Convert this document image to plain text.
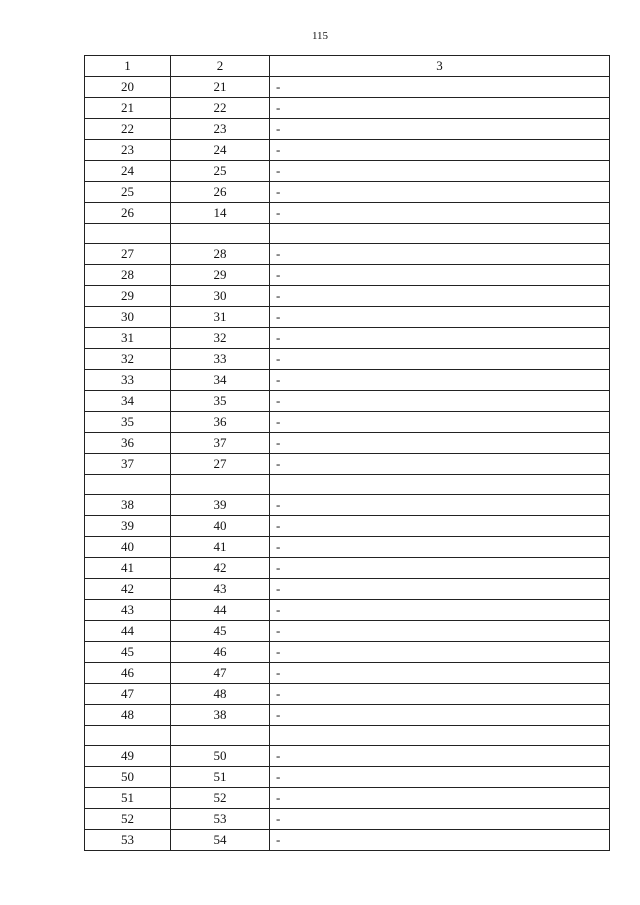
115
1	2	3
20	21	-
21	22	-
22	23	-
23	24	-
24	25	-
25	26	-
26	14	-

27	28	-
28	29	-
29	30	-
30	31	-
31	32	-
32	33	-
33	34	-
34	35	-
35	36	-
36	37	-
37	27	-

38	39	-
39	40	-
40	41	-
41	42	-
42	43	-
43	44	-
44	45	-
45	46	-
46	47	-
47	48	-
48	38	-

49	50	-
50	51	-
51	52	-
52	53	-
53	54	-
